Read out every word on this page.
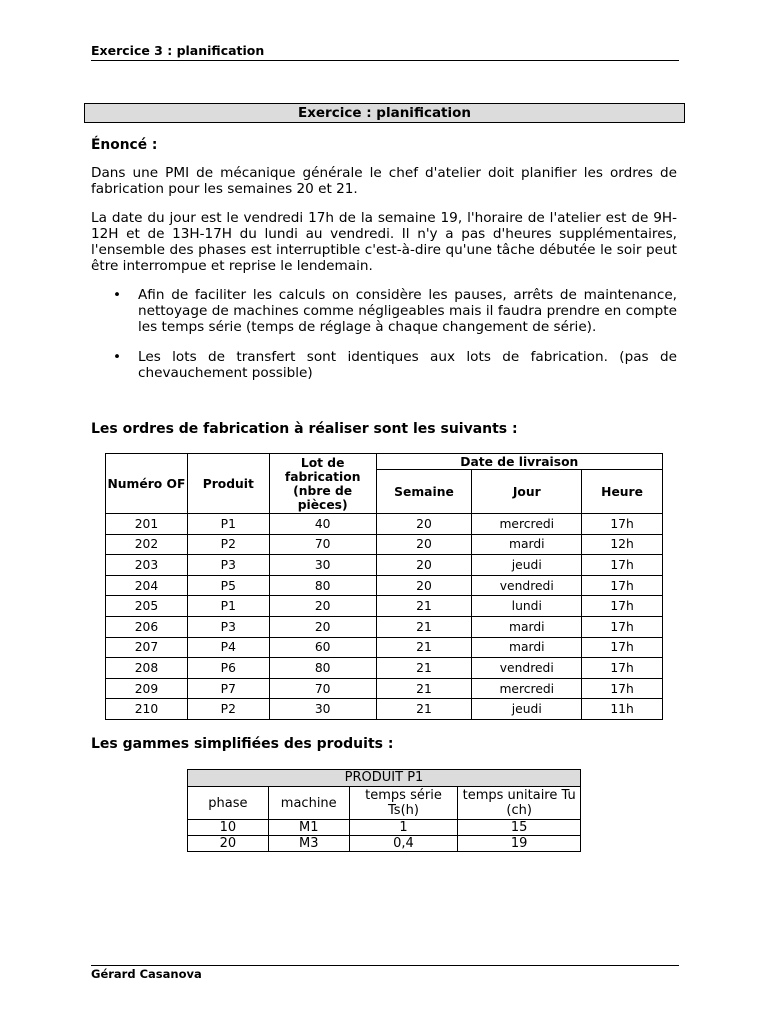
Exercice 3 : planification
Exercice : planification
Énoncé :

Dans une PMI de mécanique générale le chef d'atelier doit planifier les ordres de fabrication pour les semaines 20 et 21.

La date du jour est le vendredi 17h de la semaine 19, l'horaire de l'atelier est de 9H-12H et de 13H-17H du lundi au vendredi. Il n'y a pas d'heures supplémentaires, l'ensemble des phases est interruptible c'est-à-dire qu'une tâche débutée le soir peut être interrompue et reprise le lendemain.

• Afin de faciliter les calculs on considère les pauses, arrêts de maintenance, nettoyage de machines comme négligeables mais il faudra prendre en compte les temps série (temps de réglage à chaque changement de série).
• Les lots de transfert sont identiques aux lots de fabrication. (pas de chevauchement possible)
Les ordres de fabrication à réaliser sont les suivants :
Numéro OF	Produit	Lot de fabrication (nbre de pièces)	Date de livraison		
			Semaine	Jour	Heure
201	P1	40	20	mercredi	17h
202	P2	70	20	mardi	12h
203	P3	30	20	jeudi	17h
204	P5	80	20	vendredi	17h
205	P1	20	21	lundi	17h
206	P3	20	21	mardi	17h
207	P4	60	21	mardi	17h
208	P6	80	21	vendredi	17h
209	P7	70	21	mercredi	17h
210	P2	30	21	jeudi	11h
Les gammes simplifiées des produits :
PRODUIT P1			
phase	machine	temps série Ts(h)	temps unitaire Tu (ch)
10	M1	1	15
20	M3	0,4	19
Gérard Casanova
